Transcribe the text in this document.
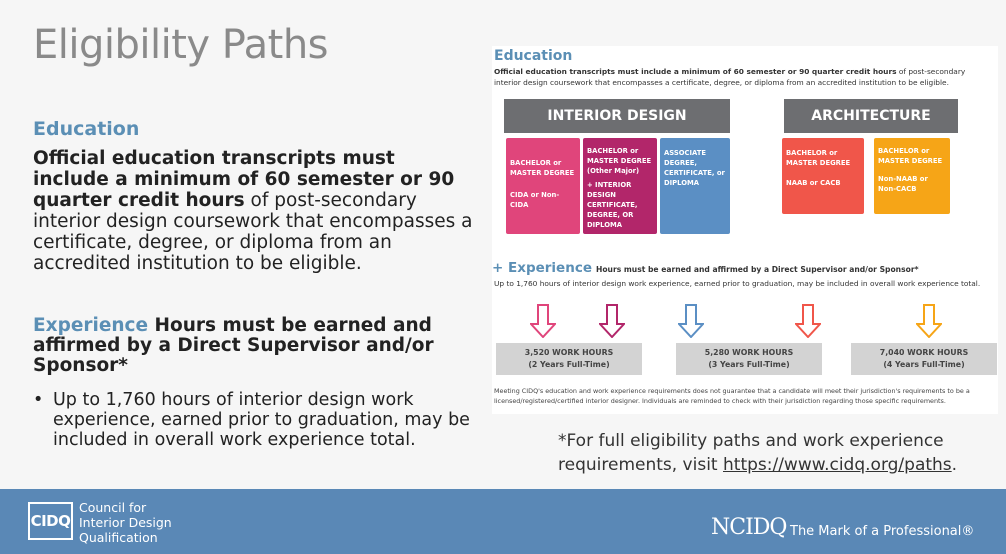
Eligibility Paths
Education

Official education transcripts must include a minimum of 60 semester or 90 quarter credit hours of post-secondary interior design coursework that encompasses a certificate, degree, or diploma from an accredited institution to be eligible.

Experience Hours must be earned and affirmed by a Direct Supervisor and/or Sponsor*
• Up to 1,760 hours of interior design work experience, earned prior to graduation, may be included in overall work experience total.
Education
Official education transcripts must include a minimum of 60 semester or 90 quarter credit hours of post-secondary interior design coursework that encompasses a certificate, degree, or diploma from an accredited institution to be eligible.
INTERIOR DESIGN	ARCHITECTURE
BACHELOR or MASTER DEGREE
CIDA or Non-CIDA
BACHELOR or MASTER DEGREE (Other Major)
+ INTERIOR DESIGN CERTIFICATE, DEGREE, OR DIPLOMA
ASSOCIATE DEGREE, CERTIFICATE, or DIPLOMA
BACHELOR or MASTER DEGREE
NAAB or CACB
BACHELOR or MASTER DEGREE
Non-NAAB or Non-CACB
+ Experience Hours must be earned and affirmed by a Direct Supervisor and/or Sponsor*
Up to 1,760 hours of interior design work experience, earned prior to graduation, may be included in overall work experience total.
3,520 WORK HOURS
(2 Years Full-Time)
5,280 WORK HOURS
(3 Years Full-Time)
7,040 WORK HOURS
(4 Years Full-Time)
Meeting CIDQ's education and work experience requirements does not guarantee that a candidate will meet their jurisdiction's requirements to be a licensed/registered/certified interior designer. Individuals are reminded to check with their jurisdiction regarding those specific requirements.
*For full eligibility paths and work experience requirements, visit https://www.cidq.org/paths.
CIDQ
Council for
Interior Design
Qualification	NCIDQ The Mark of a Professional®
